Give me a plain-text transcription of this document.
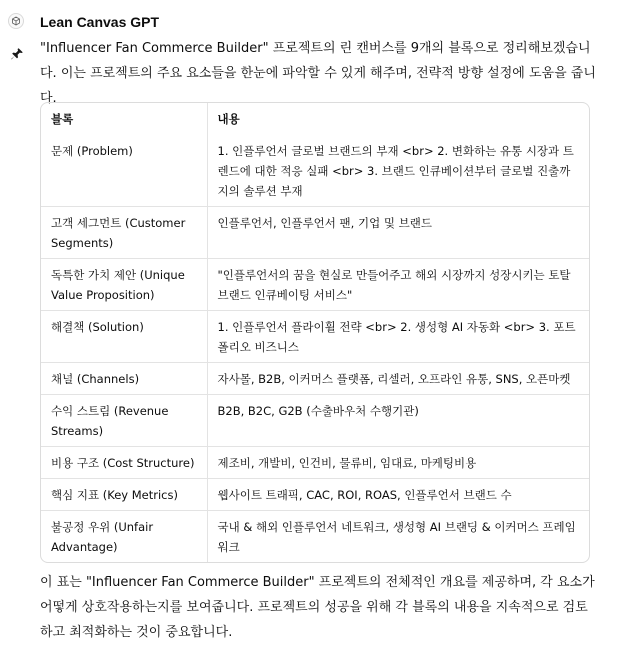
Lean Canvas GPT
"Influencer Fan Commerce Builder" 프로젝트의 린 캔버스를 9개의 블록으로 정리해보겠습니다. 이는 프로젝트의 주요 요소들을 한눈에 파악할 수 있게 해주며, 전략적 방향 설정에 도움을 줍니다.
블록	내용
문제 (Problem)	1. 인플루언서 글로벌 브랜드의 부재 <br> 2. 변화하는 유통 시장과 트렌드에 대한 적응 실패 <br> 3. 브랜드 인큐베이션부터 글로벌 진출까지의 솔루션 부재
고객 세그먼트 (Customer Segments)	인플루언서, 인플루언서 팬, 기업 및 브랜드
독특한 가치 제안 (Unique Value Proposition)	"인플루언서의 꿈을 현실로 만들어주고 해외 시장까지 성장시키는 토탈 브랜드 인큐베이팅 서비스"
해결책 (Solution)	1. 인플루언서 플라이휠 전략 <br> 2. 생성형 AI 자동화 <br> 3. 포트폴리오 비즈니스
채널 (Channels)	자사몰, B2B, 이커머스 플랫폼, 리셀러, 오프라인 유통, SNS, 오픈마켓
수익 스트림 (Revenue Streams)	B2B, B2C, G2B (수출바우처 수행기관)
비용 구조 (Cost Structure)	제조비, 개발비, 인건비, 물류비, 임대료, 마케팅비용
핵심 지표 (Key Metrics)	웹사이트 트래픽, CAC, ROI, ROAS, 인플루언서 브랜드 수
불공정 우위 (Unfair Advantage)	국내 & 해외 인플루언서 네트워크, 생성형 AI 브랜딩 & 이커머스 프레임워크
이 표는 "Influencer Fan Commerce Builder" 프로젝트의 전체적인 개요를 제공하며, 각 요소가 어떻게 상호작용하는지를 보여줍니다. 프로젝트의 성공을 위해 각 블록의 내용을 지속적으로 검토하고 최적화하는 것이 중요합니다.
